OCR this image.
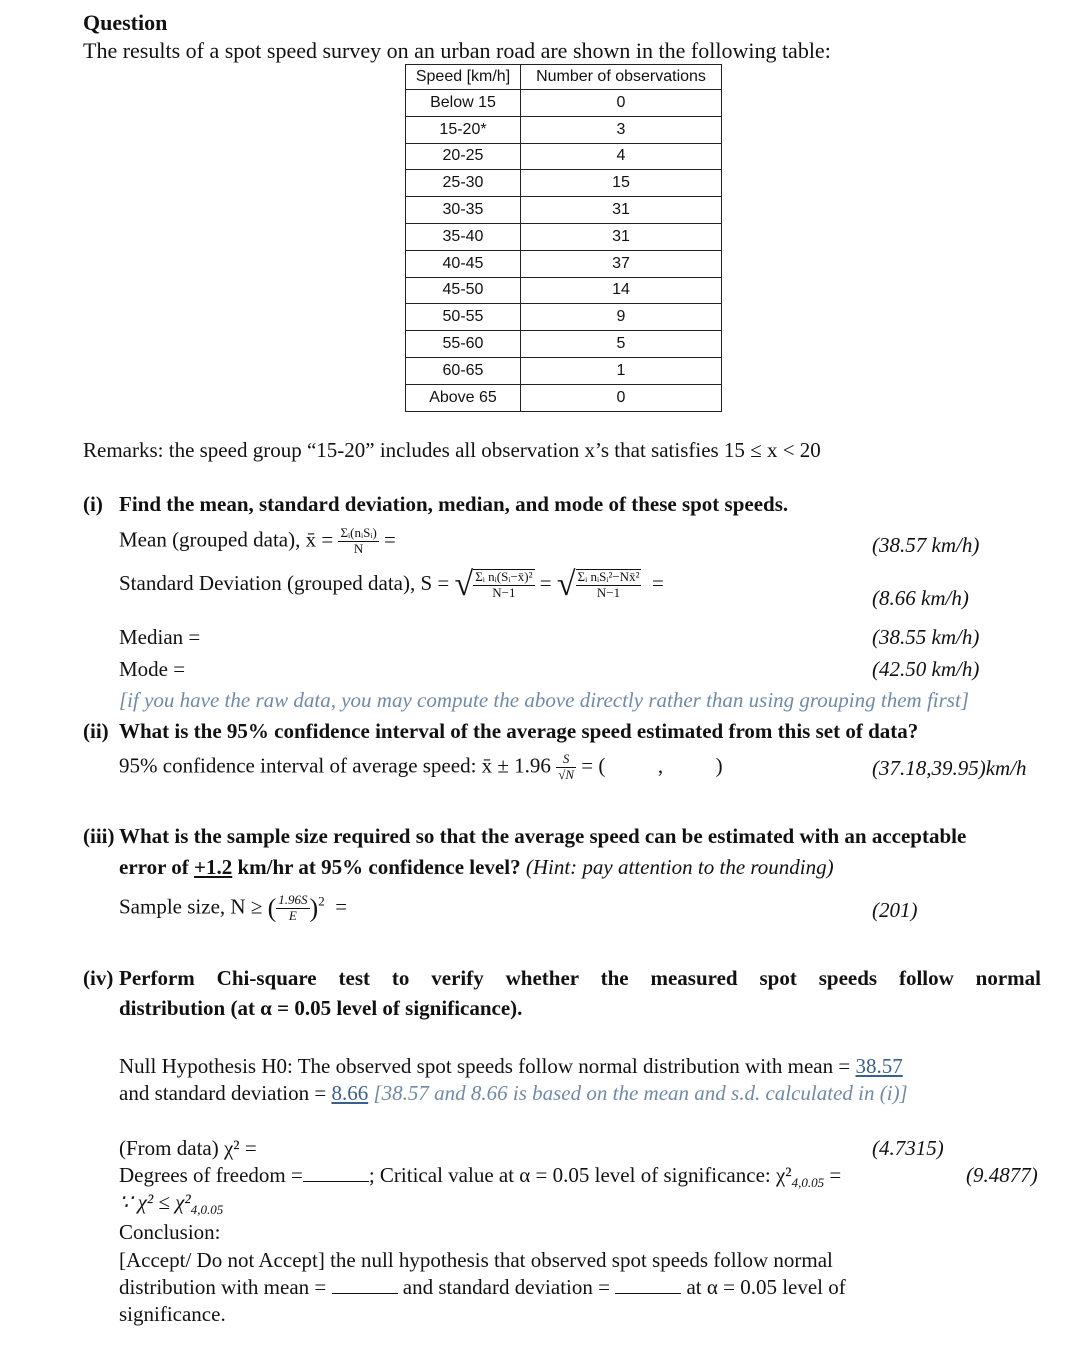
Question
The results of a spot speed survey on an urban road are shown in the following table:
Speed [km/h]	Number of observations
Below 15	0
15-20*	3
20-25	4
25-30	15
30-35	31
35-40	31
40-45	37
45-50	14
50-55	9
55-60	5
60-65	1
Above 65	0
Remarks: the speed group “15-20” includes all observation x’s that satisfies 15 ≤ x < 20
(i) Find the mean, standard deviation, median, and mode of these spot speeds.
Mean (grouped data), x̄ = $\frac{\text{Σᵢ(nᵢSᵢ)}}{N}$ =	(38.57 km/h)
Standard Deviation (grouped data), S = √ $\frac{\text{Σᵢ nᵢ(Sᵢ−x̄)²}}{N-1}$ = √ $\frac{\text{Σᵢ nᵢSᵢ²−Nx̄²}}{N-1}$ =
(8.66 km/h)
Median =	(38.55 km/h)
Mode =	(42.50 km/h)
[if you have the raw data, you may compute the above directly rather than using grouping them first]
(ii) What is the 95% confidence interval of the average speed estimated from this set of data?
95% confidence interval of average speed: x̄ ± $1.96 \frac{S}{√N}$ = (          ,          )	(37.18,39.95)km/h
(iii) What is the sample size required so that the average speed can be estimated with an acceptable
error of +1.2 km/hr at 95% confidence level? (Hint: pay attention to the rounding)
Sample size, N ≥ ( $\frac{1.96S}{E} )^2$  =	(201)
(iv) Perform Chi-square test to verify whether the measured spot speeds follow normal
distribution (at α = 0.05 level of significance).
Null Hypothesis H0: The observed spot speeds follow normal distribution with mean = 38.57
and standard deviation = 8.66 [38.57 and 8.66 is based on the mean and s.d. calculated in (i)]
(From data) χ² =	(4.7315)
Degrees of freedom =	; Critical value at α = 0.05 level of significance: $\chi^2_{4,0.05}$ =	(9.4877)
∵ $\chi^2 \le \chi^2_{4,0.05}$
Conclusion:
[Accept/ Do not Accept] the null hypothesis that observed spot speeds follow normal
distribution with mean =	and standard deviation =	at α = 0.05 level of
significance.
